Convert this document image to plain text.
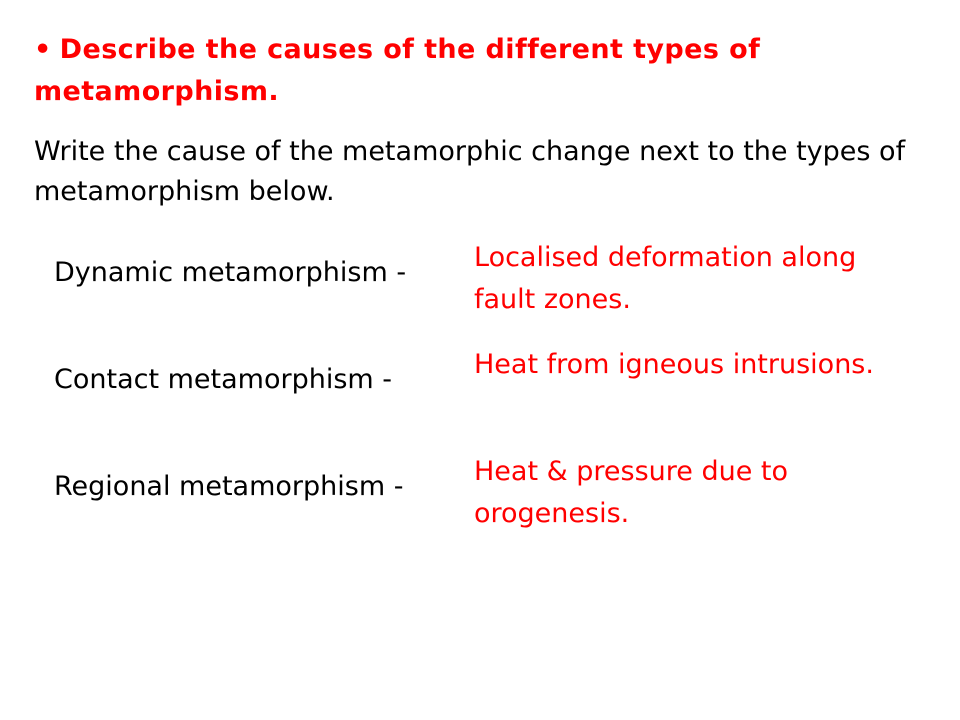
• Describe the causes of the different types of metamorphism.

Write the cause of the metamorphic change next to the types of metamorphism below.

Dynamic metamorphism -	Localised deformation along fault zones.
Contact metamorphism -	Heat from igneous intrusions.
Regional metamorphism -	Heat & pressure due to orogenesis.
